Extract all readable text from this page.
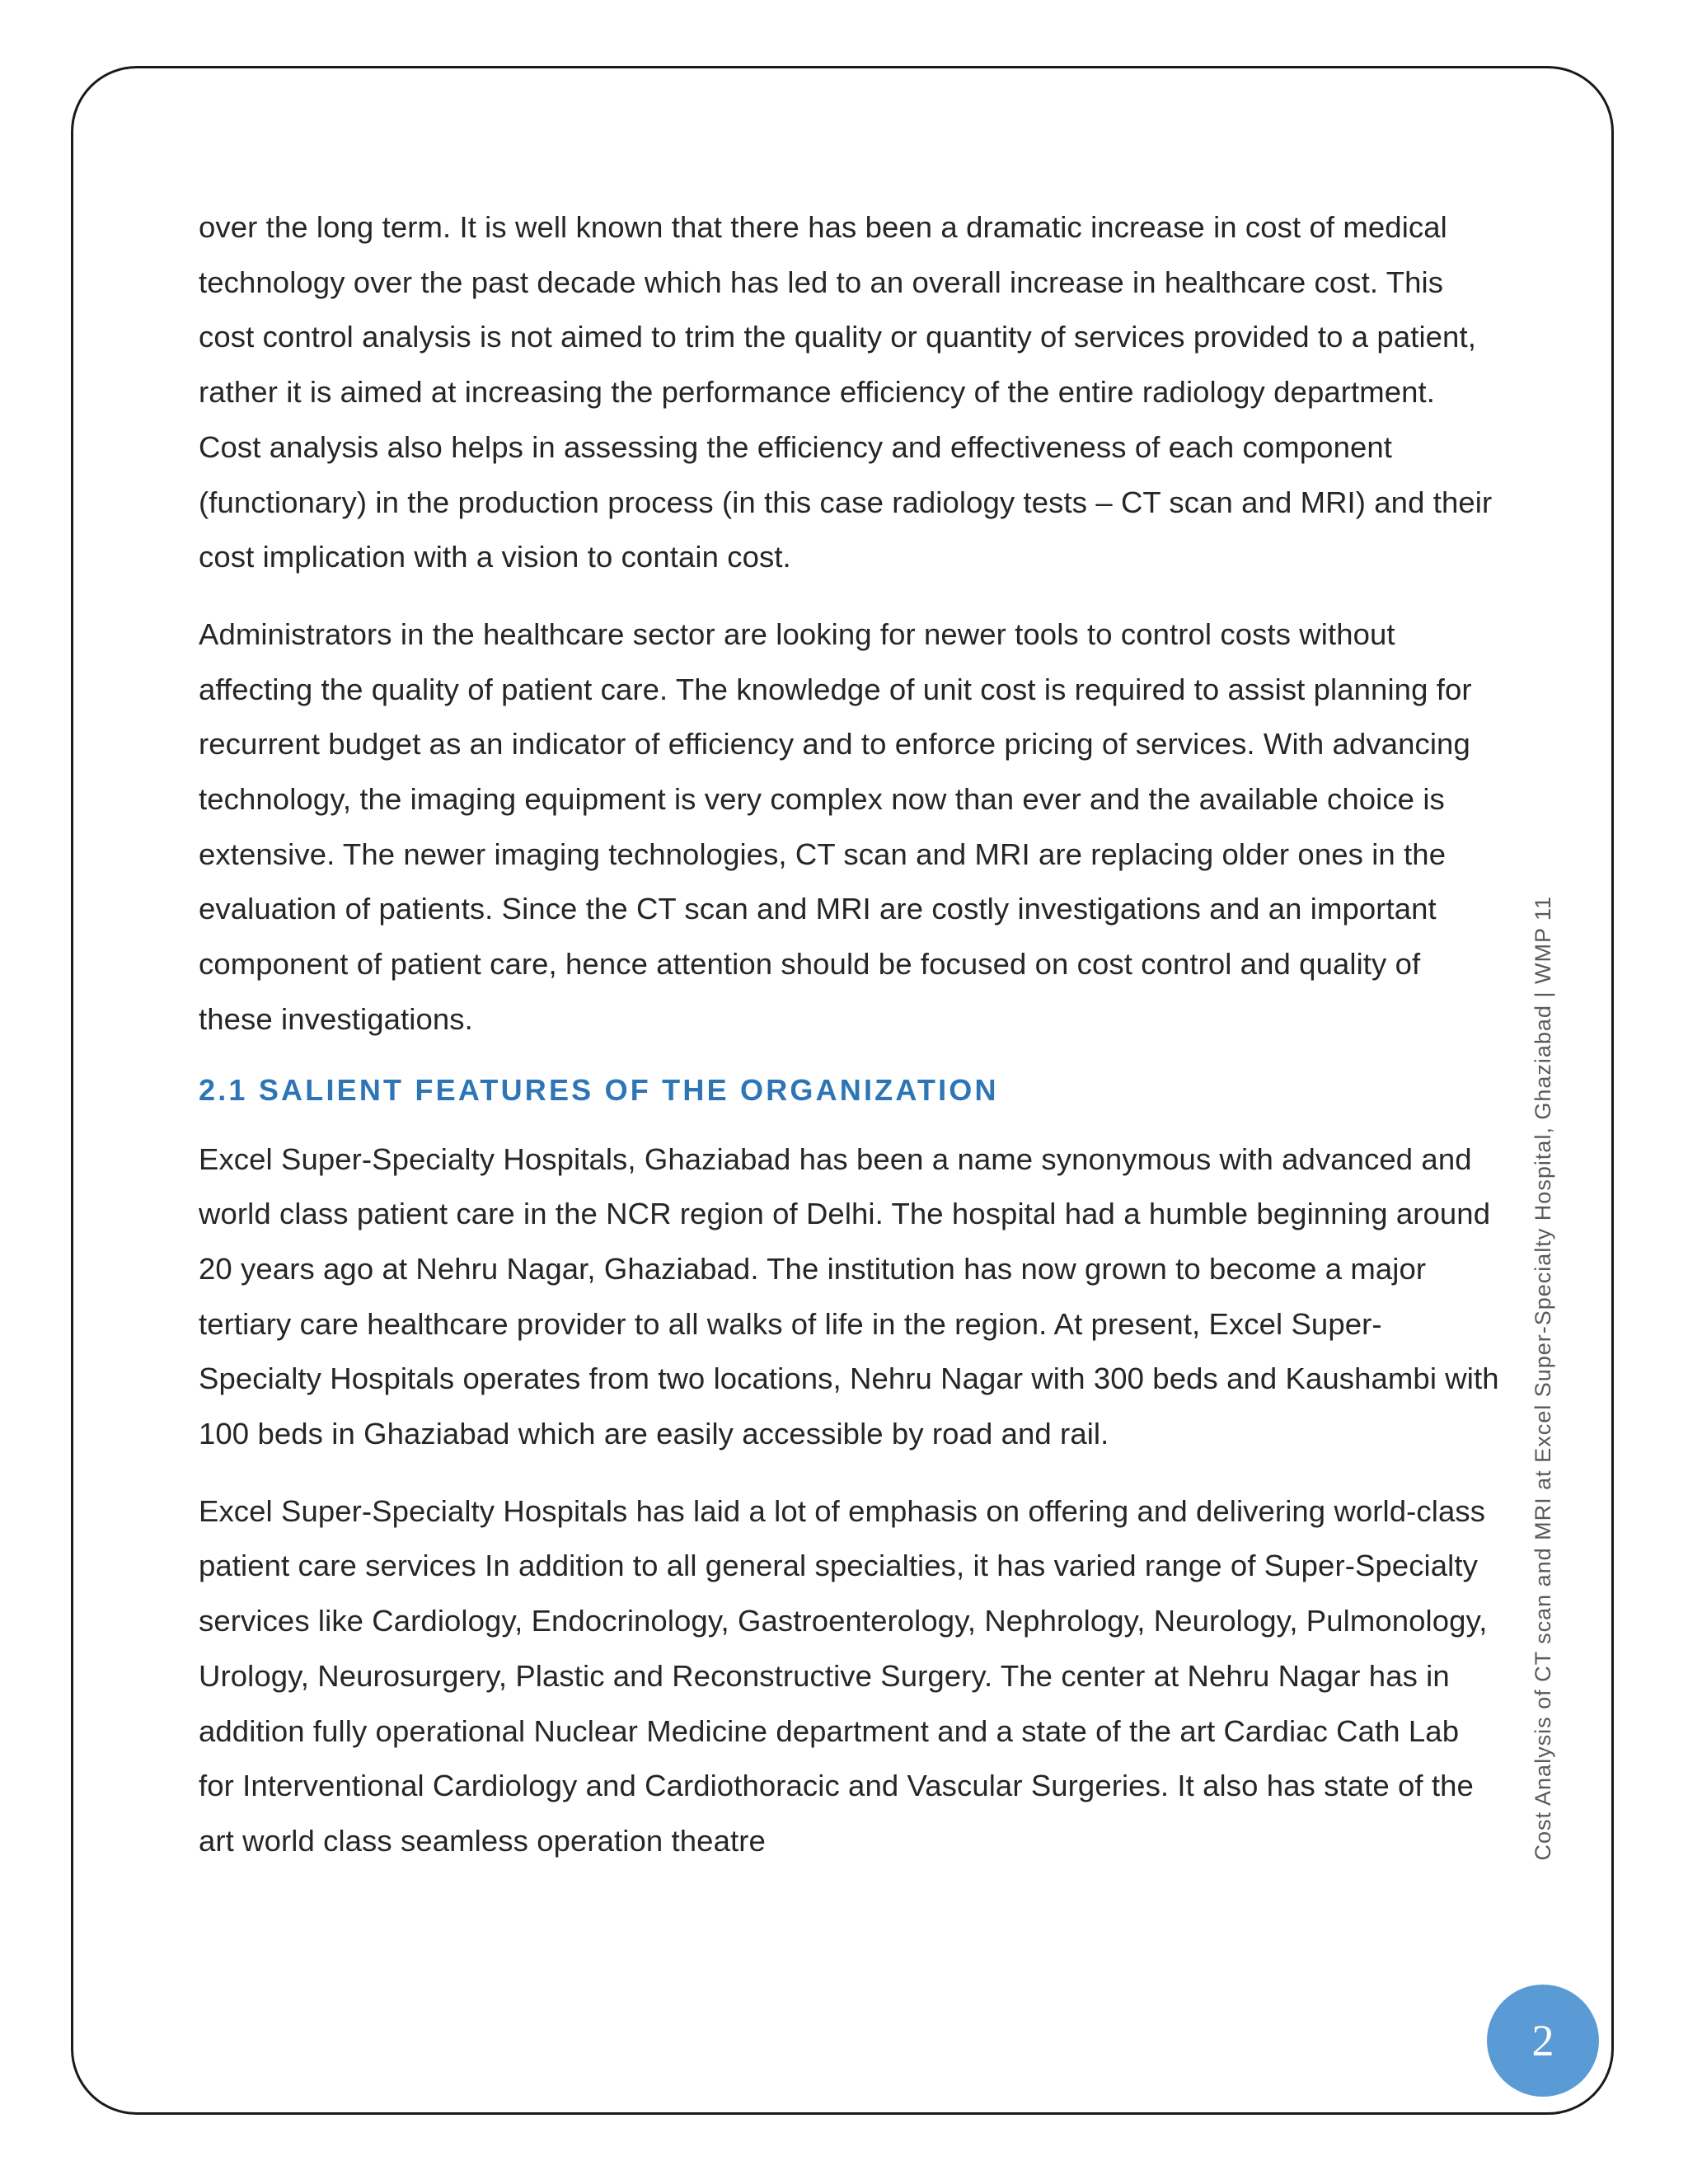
over the long term. It is well known that there has been a dramatic increase in cost of medical technology over the past decade which has led to an overall increase in healthcare cost. This cost control analysis is not aimed to trim the quality or quantity of services provided to a patient, rather it is aimed at increasing the performance efficiency of the entire radiology department. Cost analysis also helps in assessing the efficiency and effectiveness of each component (functionary) in the production process (in this case radiology tests – CT scan and MRI) and their cost implication with a vision to contain cost.

Administrators in the healthcare sector are looking for newer tools to control costs without affecting the quality of patient care. The knowledge of unit cost is required to assist planning for recurrent budget as an indicator of efficiency and to enforce pricing of services. With advancing technology, the imaging equipment is very complex now than ever and the available choice is extensive. The newer imaging technologies, CT scan and MRI are replacing older ones in the evaluation of patients. Since the CT scan and MRI are costly investigations and an important component of patient care, hence attention should be focused on cost control and quality of these investigations.

2.1 SALIENT FEATURES OF THE ORGANIZATION

Excel Super-Specialty Hospitals, Ghaziabad has been a name synonymous with advanced and world class patient care in the NCR region of Delhi. The hospital had a humble beginning around 20 years ago at Nehru Nagar, Ghaziabad. The institution has now grown to become a major tertiary care healthcare provider to all walks of life in the region. At present, Excel Super-Specialty Hospitals operates from two locations, Nehru Nagar with 300 beds and Kaushambi with 100 beds in Ghaziabad which are easily accessible by road and rail.

Excel Super-Specialty Hospitals has laid a lot of emphasis on offering and delivering world-class patient care services In addition to all general specialties, it has varied range of Super-Specialty services like Cardiology, Endocrinology, Gastroenterology, Nephrology, Neurology, Pulmonology, Urology, Neurosurgery, Plastic and Reconstructive Surgery. The center at Nehru Nagar has in addition fully operational Nuclear Medicine department and a state of the art Cardiac Cath Lab for Interventional Cardiology and Cardiothoracic and Vascular Surgeries. It also has state of the art world class seamless operation theatre	Cost Analysis of CT scan and MRI at Excel Super-Specialty Hospital, Ghaziabad | WMP 11
2
